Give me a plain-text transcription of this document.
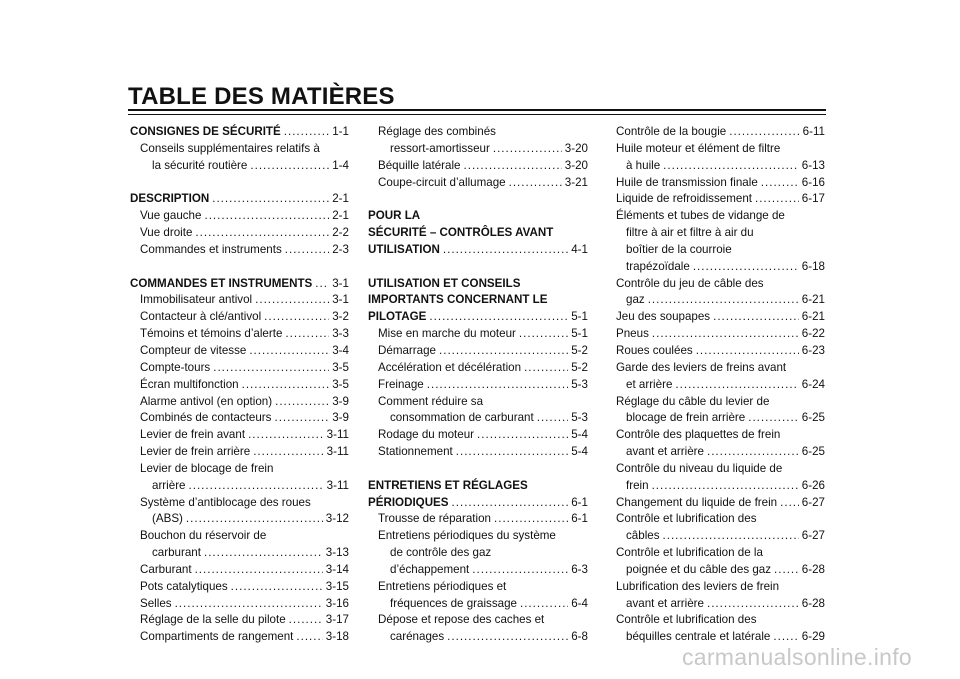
TABLE DES MATIÈRES
CONSIGNES DE SÉCURITÉ .....	1-1
Conseils supplémentaires relatifs à
la sécurité routière .....	1-4
DESCRIPTION .....	2-1
Vue gauche .....	2-1
Vue droite .....	2-2
Commandes et instruments .....	2-3
COMMANDES ET INSTRUMENTS ..... 3-1
Immobilisateur antivol .....	3-1
Contacteur à clé/antivol .....	3-2
Témoins et témoins d’alerte .....	3-3
Compteur de vitesse .....	3-4
Compte-tours .....	3-5
Écran multifonction .....	3-5
Alarme antivol (en option) .....	3-9
Combinés de contacteurs .....	3-9
Levier de frein avant .....	3-11
Levier de frein arrière .....	3-11
Levier de blocage de frein
arrière .....	3-11
Système d’antiblocage des roues
(ABS) .....	3-12
Bouchon du réservoir de
carburant .....	3-13
Carburant .....	3-14
Pots catalytiques .....	3-15
Selles .....	3-16
Réglage de la selle du pilote .....	3-17
Compartiments de rangement .....	3-18
Réglage des combinés
ressort-amortisseur .....	3-20
Béquille latérale .....	3-20
Coupe-circuit d’allumage .....	3-21
POUR LA
SÉCURITÉ – CONTRÔLES AVANT
UTILISATION .....	4-1
UTILISATION ET CONSEILS
IMPORTANTS CONCERNANT LE
PILOTAGE .....	5-1
Mise en marche du moteur .....	5-1
Démarrage .....	5-2
Accélération et décélération .....	5-2
Freinage .....	5-3
Comment réduire sa
consommation de carburant .....	5-3
Rodage du moteur .....	5-4
Stationnement .....	5-4
ENTRETIENS ET RÉGLAGES
PÉRIODIQUES .....	6-1
Trousse de réparation .....	6-1
Entretiens périodiques du système
de contrôle des gaz
d’échappement .....	6-3
Entretiens périodiques et
fréquences de graissage .....	6-4
Dépose et repose des caches et
carénages .....	6-8
Contrôle de la bougie .....	6-11
Huile moteur et élément de filtre
à huile .....	6-13
Huile de transmission finale .....	6-16
Liquide de refroidissement .....	6-17
Éléments et tubes de vidange de
filtre à air et filtre à air du
boîtier de la courroie
trapézoïdale .....	6-18
Contrôle du jeu de câble des
gaz .....	6-21
Jeu des soupapes .....	6-21
Pneus .....	6-22
Roues coulées .....	6-23
Garde des leviers de freins avant
et arrière .....	6-24
Réglage du câble du levier de
blocage de frein arrière .....	6-25
Contrôle des plaquettes de frein
avant et arrière .....	6-25
Contrôle du niveau du liquide de
frein .....	6-26
Changement du liquide de frein ..... 6-27
Contrôle et lubrification des
câbles .....	6-27
Contrôle et lubrification de la
poignée et du câble des gaz .....	6-28
Lubrification des leviers de frein
avant et arrière .....	6-28
Contrôle et lubrification des
béquilles centrale et latérale .....	6-29
carmanualsonline.info
